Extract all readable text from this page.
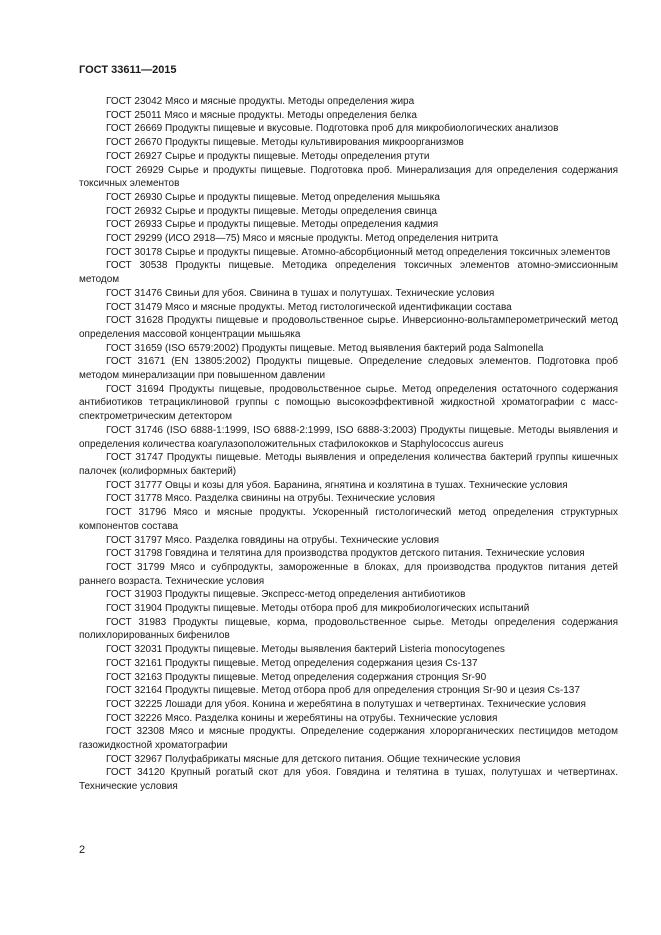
ГОСТ 33611—2015

ГОСТ 23042 Мясо и мясные продукты. Методы определения жира

ГОСТ 25011 Мясо и мясные продукты. Методы определения белка

ГОСТ 26669 Продукты пищевые и вкусовые. Подготовка проб для микробиологических анализов

ГОСТ 26670 Продукты пищевые. Методы культивирования микроорганизмов

ГОСТ 26927 Сырье и продукты пищевые. Методы определения ртути

ГОСТ 26929 Сырье и продукты пищевые. Подготовка проб. Минерализация для определения содержания токсичных элементов

ГОСТ 26930 Сырье и продукты пищевые. Метод определения мышьяка

ГОСТ 26932 Сырье и продукты пищевые. Методы определения свинца

ГОСТ 26933 Сырье и продукты пищевые. Методы определения кадмия

ГОСТ 29299 (ИСО 2918—75) Мясо и мясные продукты. Метод определения нитрита

ГОСТ 30178 Сырье и продукты пищевые. Атомно-абсорбционный метод определения токсичных элементов

ГОСТ 30538 Продукты пищевые. Методика определения токсичных элементов атомно-эмиссионным методом

ГОСТ 31476 Свиньи для убоя. Свинина в тушах и полутушах. Технические условия

ГОСТ 31479 Мясо и мясные продукты. Метод гистологической идентификации состава

ГОСТ 31628 Продукты пищевые и продовольственное сырье. Инверсионно-вольтамперометрический метод определения массовой концентрации мышьяка

ГОСТ 31659 (ISO 6579:2002) Продукты пищевые. Метод выявления бактерий рода Salmonella

ГОСТ 31671 (EN 13805:2002) Продукты пищевые. Определение следовых элементов. Подготовка проб методом минерализации при повышенном давлении

ГОСТ 31694 Продукты пищевые, продовольственное сырье. Метод определения остаточного содержания антибиотиков тетрациклиновой группы с помощью высокоэффективной жидкостной хроматографии с масс-спектрометрическим детектором

ГОСТ 31746 (ISO 6888-1:1999, ISO 6888-2:1999, ISO 6888-3:2003) Продукты пищевые. Методы выявления и определения количества коагулазоположительных стафилококков и Staphylococcus aureus

ГОСТ 31747 Продукты пищевые. Методы выявления и определения количества бактерий группы кишечных палочек (колиформных бактерий)

ГОСТ 31777 Овцы и козы для убоя. Баранина, ягнятина и козлятина в тушах. Технические условия

ГОСТ 31778 Мясо. Разделка свинины на отрубы. Технические условия

ГОСТ 31796 Мясо и мясные продукты. Ускоренный гистологический метод определения структурных компонентов состава

ГОСТ 31797 Мясо. Разделка говядины на отрубы. Технические условия

ГОСТ 31798 Говядина и телятина для производства продуктов детского питания. Технические условия

ГОСТ 31799 Мясо и субпродукты, замороженные в блоках, для производства продуктов питания детей раннего возраста. Технические условия

ГОСТ 31903 Продукты пищевые. Экспресс-метод определения антибиотиков

ГОСТ 31904 Продукты пищевые. Методы отбора проб для микробиологических испытаний

ГОСТ 31983 Продукты пищевые, корма, продовольственное сырье. Методы определения содержания полихлорированных бифенилов

ГОСТ 32031 Продукты пищевые. Методы выявления бактерий Listeria monocytogenes

ГОСТ 32161 Продукты пищевые. Метод определения содержания цезия Cs-137

ГОСТ 32163 Продукты пищевые. Метод определения содержания стронция Sr-90

ГОСТ 32164 Продукты пищевые. Метод отбора проб для определения стронция Sr-90 и цезия Cs-137

ГОСТ 32225 Лошади для убоя. Конина и жеребятина в полутушах и четвертинах. Технические условия

ГОСТ 32226 Мясо. Разделка конины и жеребятины на отрубы. Технические условия

ГОСТ 32308 Мясо и мясные продукты. Определение содержания хлорорганических пестицидов методом газожидкостной хроматографии

ГОСТ 32967 Полуфабрикаты мясные для детского питания. Общие технические условия

ГОСТ 34120 Крупный рогатый скот для убоя. Говядина и телятина в тушах, полутушах и четвертинах. Технические условия

2
